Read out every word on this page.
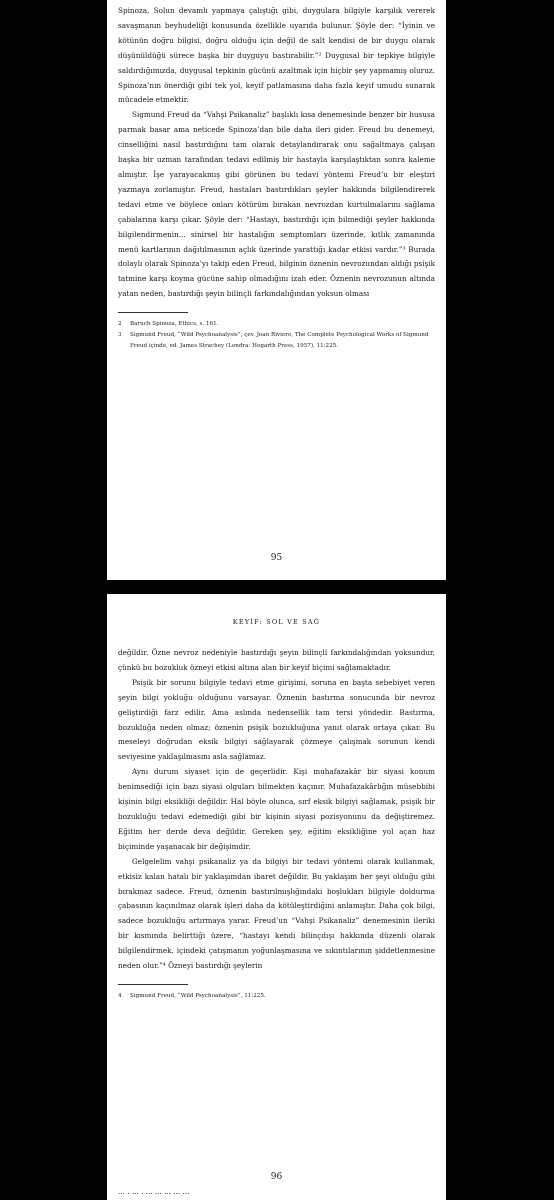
Spinoza, Solun devamlı yapmaya çalıştığı gibi, duygulara bilgiyle karşılık vererek savaşmanın beyhudeliği konusunda özellikle uyarıda bulunur. Şöyle der: “İyinin ve kötünün doğru bilgisi, doğru olduğu için değil de salt kendisi de bir duygu olarak düşünüldüğü sürece başka bir duyguyu bastırabilir.”² Duygusal bir tepkiye bilgiyle saldırdığımızda, duygusal tepkinin gücünü azaltmak için hiçbir şey yapmamış oluruz. Spinoza’nın önerdiği gibi tek yol, keyif patlamasına daha fazla keyif umudu sunarak mücadele etmektir.

Sigmund Freud da “Vahşi Psikanaliz” başlıklı kısa denemesinde benzer bir hususa parmak basar ama neticede Spinoza’dan bile daha ileri gider. Freud bu denemeyi, cinselliğini nasıl bastırdığını tam olarak detaylandırarak onu sağaltmaya çalışan başka bir uzman tarafından tedavi edilmiş bir hastayla karşılaştıktan sonra kaleme almıştır. İşe yarayacakmış gibi görünen bu tedavi yöntemi Freud’u bir eleştiri yazmaya zorlamıştır. Freud, hastaları bastırdıkları şeyler hakkında bilgilendirerek tedavi etme ve böylece onları kötürüm bırakan nevrozdan kurtulmalarını sağlama çabalarına karşı çıkar. Şöyle der: “Hastayı, bastırdığı için bilmediği şeyler hakkında bilgilendirmenin... sinirsel bir hastalığın semptomları üzerinde, kıtlık zamanında menü kartlarının dağıtılmasının açlık üzerinde yarattığı kadar etkisi vardır.”³ Burada dolaylı olarak Spinoza’yı takip eden Freud, bilginin öznenin nevrozundan aldığı psişik tatmine karşı koyma gücüne sahip olmadığını izah eder. Öznenin nevrozunun altında yatan neden, bastırdığı şeyin bilinçli farkındalığından yoksun olması

2	Baruch Spinoza, Ethics, s. 161.
3	Sigmund Freud, “Wild Psychoanalysis”, çev. Joan Riviere, The Complete Psychological Works of Sigmund Freud içinde, ed. James Strachey (Londra: Hogarth Press, 1957), 11:225.
95
KEYİF: SOL VE SAĞ

değildir. Özne nevroz nedeniyle bastırdığı şeyin bilinçli farkındalığından yoksundur, çünkü bu bozukluk özneyi etkisi altına alan bir keyif biçimi sağlamaktadır.

Psişik bir sorunu bilgiyle tedavi etme girişimi, soruna en başta sebebiyet veren şeyin bilgi yokluğu olduğunu varsayar. Öznenin bastırma sonucunda bir nevroz geliştirdiği farz edilir. Ama aslında nedensellik tam tersi yöndedir. Bastırma, bozukluğa neden olmaz; öznenin psişik bozukluğuna yanıt olarak ortaya çıkar. Bu meseleyi doğrudan eksik bilgiyi sağlayarak çözmeye çalışmak sorunun kendi seviyesine yaklaşılmasını asla sağlamaz.

Aynı durum siyaset için de geçerlidir. Kişi muhafazakâr bir siyasi konum benimsediği için bazı siyasi olguları bilmekten kaçınır. Muhafazakârlığın müsebbibi kişinin bilgi eksikliği değildir. Hal böyle olunca, sırf eksik bilgiyi sağlamak, psişik bir bozukluğu tedavi edemediği gibi bir kişinin siyasi pozisyonunu da değiştiremez. Eğitim her derde deva değildir. Gereken şey, eğitim eksikliğine yol açan haz biçiminde yaşanacak bir değişimdir.

Gelgelelim vahşi psikanaliz ya da bilgiyi bir tedavi yöntemi olarak kullanmak, etkisiz kalan hatalı bir yaklaşımdan ibaret değildir. Bu yaklaşım her şeyi olduğu gibi bırakmaz sadece. Freud, öznenin bastırılmışlığındaki boşlukları bilgiyle doldurma çabasının kaçınılmaz olarak işleri daha da kötüleştirdiğini anlamıştır. Daha çok bilgi, sadece bozukluğu artırmaya yarar. Freud’un “Vahşi Psikanaliz” denemesinin ileriki bir kısmında belirttiği üzere, “hastayı kendi bilinçdışı hakkında düzenli olarak bilgilendirmek, içindeki çatışmanın yoğunlaşmasına ve sıkıntılarının şiddetlenmesine neden olur.”⁴ Özneyi bastırdığı şeylerin

4	Sigmund Freud, “Wild Psychoanalysis”, 11:225.
96
... , ... , ... ... ... ... ...
